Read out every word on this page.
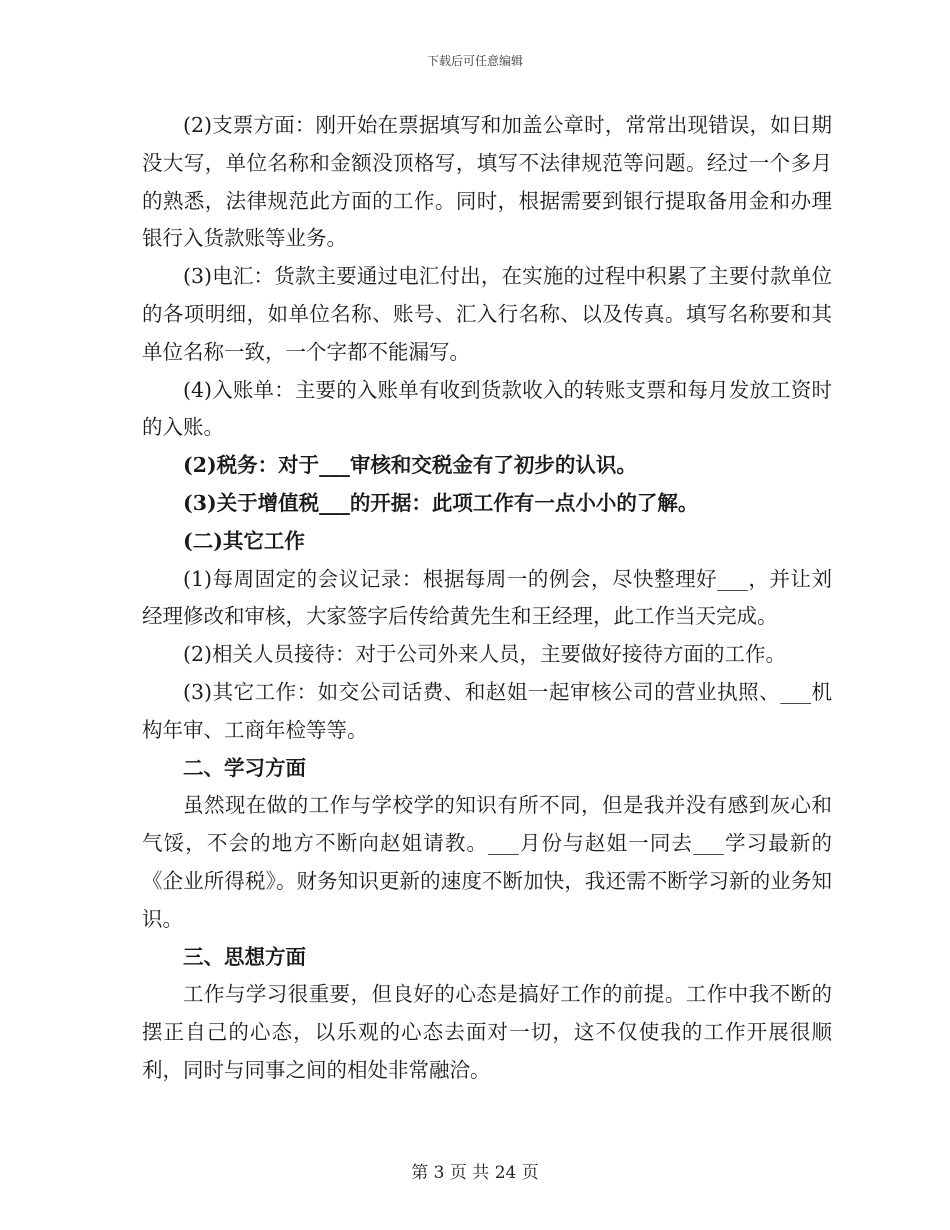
下载后可任意编辑

(2)支票方面：刚开始在票据填写和加盖公章时，常常出现错误，如日期没大写，单位名称和金额没顶格写，填写不法律规范等问题。经过一个多月的熟悉，法律规范此方面的工作。同时，根据需要到银行提取备用金和办理银行入货款账等业务。

(3)电汇：货款主要通过电汇付出，在实施的过程中积累了主要付款单位的各项明细，如单位名称、账号、汇入行名称、以及传真。填写名称要和其单位名称一致，一个字都不能漏写。

(4)入账单：主要的入账单有收到货款收入的转账支票和每月发放工资时的入账。

(2)税务：对于___审核和交税金有了初步的认识。

(3)关于增值税___的开据：此项工作有一点小小的了解。

(二)其它工作

(1)每周固定的会议记录：根据每周一的例会，尽快整理好___，并让刘经理修改和审核，大家签字后传给黄先生和王经理，此工作当天完成。

(2)相关人员接待：对于公司外来人员，主要做好接待方面的工作。

(3)其它工作：如交公司话费、和赵姐一起审核公司的营业执照、___机构年审、工商年检等等。

二、学习方面

虽然现在做的工作与学校学的知识有所不同，但是我并没有感到灰心和气馁，不会的地方不断向赵姐请教。___月份与赵姐一同去___学习最新的《企业所得税》。财务知识更新的速度不断加快，我还需不断学习新的业务知识。

三、思想方面

工作与学习很重要，但良好的心态是搞好工作的前提。工作中我不断的摆正自己的心态，以乐观的心态去面对一切，这不仅使我的工作开展很顺利，同时与同事之间的相处非常融洽。

第 3 页 共 24 页
